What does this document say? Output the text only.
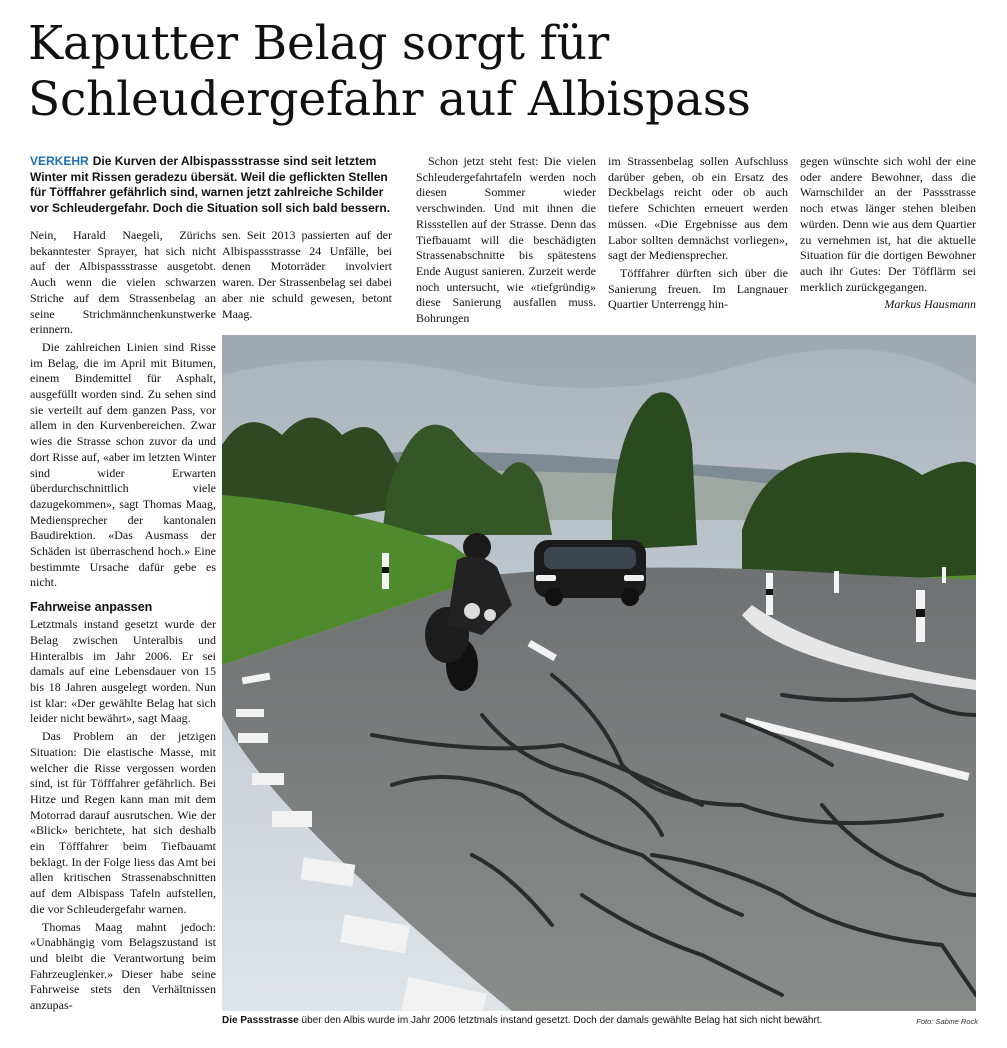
Kaputter Belag sorgt für
Schleudergefahr auf Albispass
VERKEHR Die Kurven der Albispassstrasse sind seit letztem Winter mit Rissen geradezu übersät. Weil die geflickten Stellen für Töfffahrer gefährlich sind, warnen jetzt zahlreiche Schilder vor Schleudergefahr. Doch die Situation soll sich bald bessern.

Nein, Harald Naegeli, Zürichs bekanntester Sprayer, hat sich nicht auf der Albispassstrasse ausgetobt. Auch wenn die vielen schwarzen Striche auf dem Strassenbelag an seine Strichmännchenkunstwerke erinnern.

Die zahlreichen Linien sind Risse im Belag, die im April mit Bitumen, einem Bindemittel für Asphalt, ausgefüllt worden sind. Zu sehen sind sie verteilt auf dem ganzen Pass, vor allem in den Kurvenbereichen. Zwar wies die Strasse schon zuvor da und dort Risse auf, «aber im letzten Winter sind wider Erwarten überdurchschnittlich viele dazugekommen», sagt Thomas Maag, Mediensprecher der kantonalen Baudirektion. «Das Ausmass der Schäden ist überraschend hoch.» Eine bestimmte Ursache dafür gebe es nicht.

Fahrweise anpassen

Letztmals instand gesetzt wurde der Belag zwischen Unteralbis und Hinteralbis im Jahr 2006. Er sei damals auf eine Lebensdauer von 15 bis 18 Jahren ausgelegt worden. Nun ist klar: «Der gewählte Belag hat sich leider nicht bewährt», sagt Maag.

Das Problem an der jetzigen Situation: Die elastische Masse, mit welcher die Risse vergossen worden sind, ist für Töfffahrer gefährlich. Bei Hitze und Regen kann man mit dem Motorrad darauf ausrutschen. Wie der «Blick» berichtete, hat sich deshalb ein Töfffahrer beim Tiefbauamt beklagt. In der Folge liess das Amt bei allen kritischen Strassenabschnitten auf dem Albispass Tafeln aufstellen, die vor Schleudergefahr warnen.

Thomas Maag mahnt jedoch: «Unabhängig vom Belagszustand ist und bleibt die Verantwortung beim Fahrzeuglenker.» Dieser habe seine Fahrweise stets den Verhältnissen anzupas-

sen. Seit 2013 passierten auf der Albispassstrasse 24 Unfälle, bei denen Motorräder involviert waren. Der Strassenbelag sei dabei aber nie schuld gewesen, betont Maag.

Schon jetzt steht fest: Die vielen Schleudergefahrtafeln werden noch diesen Sommer wieder verschwinden. Und mit ihnen die Rissstellen auf der Strasse. Denn das Tiefbauamt will die beschädigten Strassenabschnitte bis spätestens Ende August sanieren. Zurzeit werde noch untersucht, wie «tiefgründig» diese Sanierung ausfallen muss. Bohrungen

im Strassenbelag sollen Aufschluss darüber geben, ob ein Ersatz des Deckbelags reicht oder ob auch tiefere Schichten erneuert werden müssen. «Die Ergebnisse aus dem Labor sollten demnächst vorliegen», sagt der Mediensprecher.

Töfffahrer dürften sich über die Sanierung freuen. Im Langnauer Quartier Unterrengg hin-

gegen wünschte sich wohl der eine oder andere Bewohner, dass die Warnschilder an der Passstrasse noch etwas länger stehen bleiben würden. Denn wie aus dem Quartier zu vernehmen ist, hat die aktuelle Situation für die dortigen Bewohner auch ihr Gutes: Der Töfflärm sei merklich zurückgegangen.

Markus Hausmann
Die Passstrasse über den Albis wurde im Jahr 2006 letztmals instand gesetzt. Doch der damals gewählte Belag hat sich nicht bewährt.	Foto: Sabine Rock
